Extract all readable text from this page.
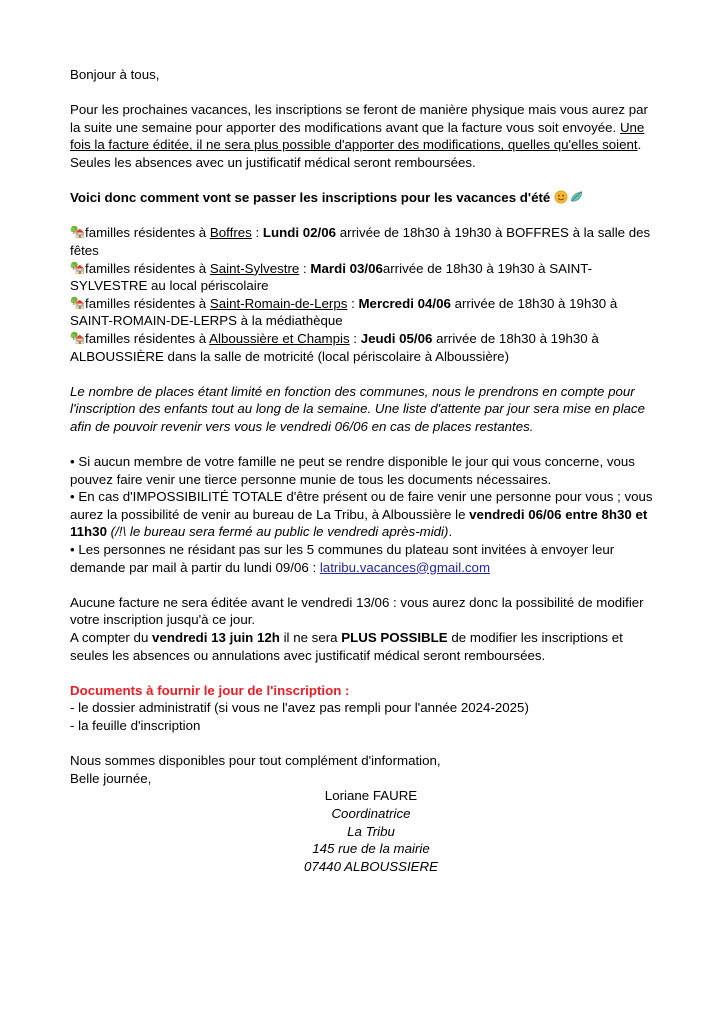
Bonjour à tous,

Pour les prochaines vacances, les inscriptions se feront de manière physique mais vous aurez par la suite une semaine pour apporter des modifications avant que la facture vous soit envoyée. Une fois la facture éditée, il ne sera plus possible d'apporter des modifications, quelles qu'elles soient. Seules les absences avec un justificatif médical seront remboursées.

Voici donc comment vont se passer les inscriptions pour les vacances d'été

familles résidentes à Boffres : Lundi 02/06 arrivée de 18h30 à 19h30 à BOFFRES à la salle des fêtes

familles résidentes à Saint-Sylvestre : Mardi 03/06arrivée de 18h30 à 19h30 à SAINT-SYLVESTRE au local périscolaire

familles résidentes à Saint-Romain-de-Lerps : Mercredi 04/06 arrivée de 18h30 à 19h30 à SAINT-ROMAIN-DE-LERPS à la médiathèque

familles résidentes à Alboussière et Champis : Jeudi 05/06 arrivée de 18h30 à 19h30 à ALBOUSSIÈRE dans la salle de motricité (local périscolaire à Alboussière)

Le nombre de places étant limité en fonction des communes, nous le prendrons en compte pour l'inscription des enfants tout au long de la semaine. Une liste d'attente par jour sera mise en place afin de pouvoir revenir vers vous le vendredi 06/06 en cas de places restantes.

• Si aucun membre de votre famille ne peut se rendre disponible le jour qui vous concerne, vous pouvez faire venir une tierce personne munie de tous les documents nécessaires.

• En cas d'IMPOSSIBILITÉ TOTALE d'être présent ou de faire venir une personne pour vous ; vous aurez la possibilité de venir au bureau de La Tribu, à Alboussière le vendredi 06/06 entre 8h30 et 11h30 (/!\ le bureau sera fermé au public le vendredi après-midi).

• Les personnes ne résidant pas sur les 5 communes du plateau sont invitées à envoyer leur demande par mail à partir du lundi 09/06 : latribu.vacances@gmail.com

Aucune facture ne sera éditée avant le vendredi 13/06 : vous aurez donc la possibilité de modifier votre inscription jusqu'à ce jour.

A compter du vendredi 13 juin 12h il ne sera PLUS POSSIBLE de modifier les inscriptions et seules les absences ou annulations avec justificatif médical seront remboursées.

Documents à fournir le jour de l'inscription :

- le dossier administratif (si vous ne l'avez pas rempli pour l'année 2024-2025)

- la feuille d'inscription

Nous sommes disponibles pour tout complément d'information,

Belle journée,

Loriane FAURE

Coordinatrice

La Tribu

145 rue de la mairie

07440 ALBOUSSIERE
